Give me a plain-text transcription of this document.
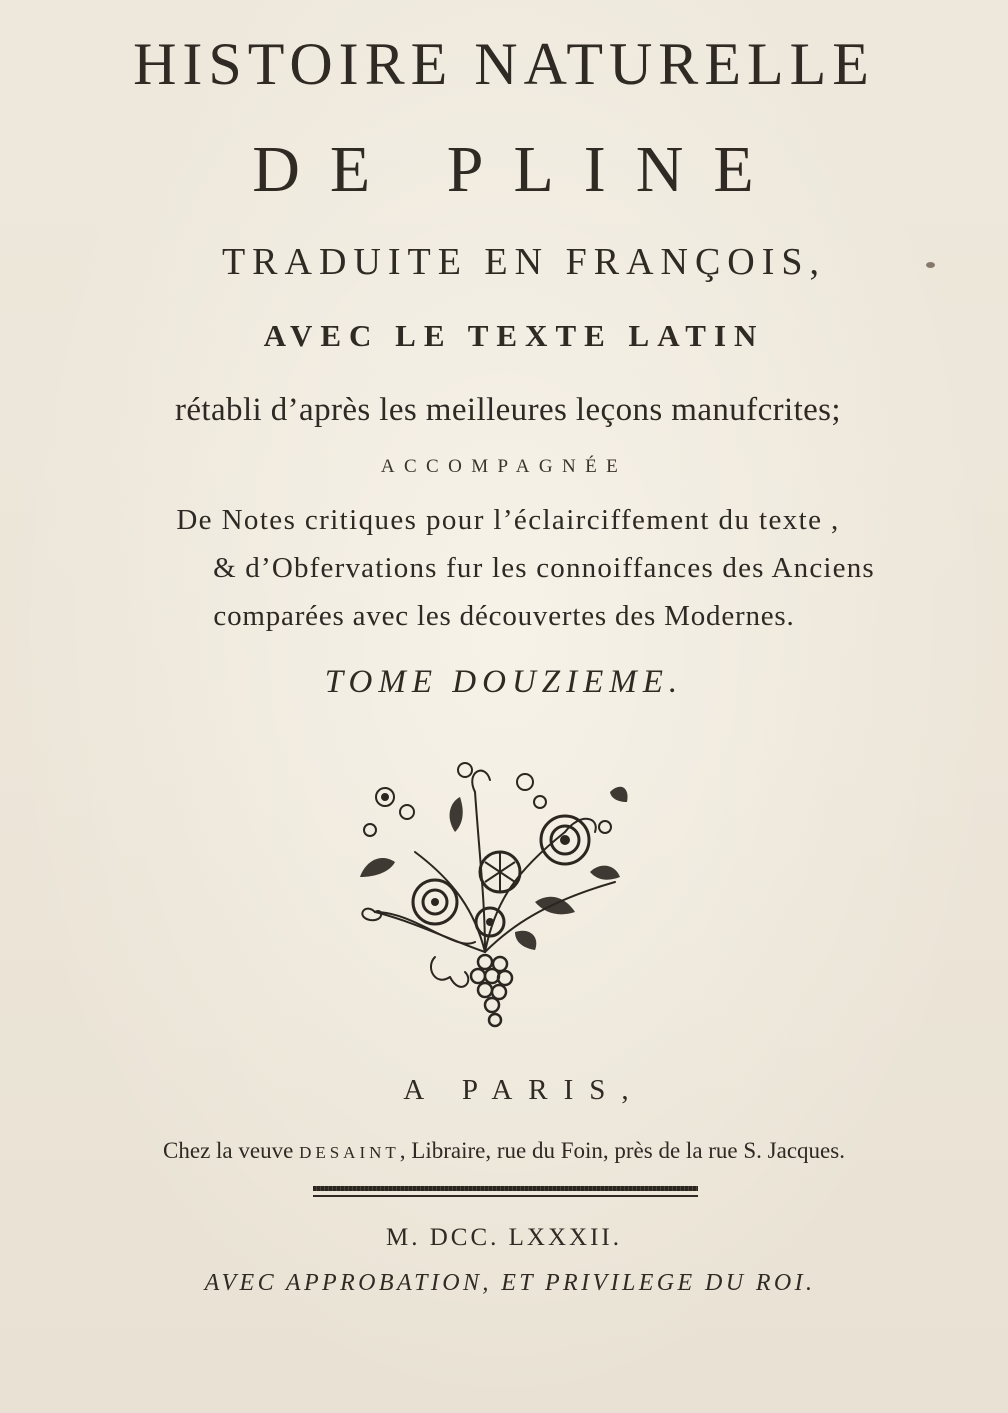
HISTOIRE NATURELLE

DE PLINE

TRADUITE EN FRANÇOIS,

AVEC LE TEXTE LATIN

rétabli d’après les meilleures leçons manufcrites;

ACCOMPAGNÉE

De Notes critiques pour l’éclairciffement du texte ,

& d’Obfervations fur les connoiffances des Anciens

comparées avec les découvertes des Modernes.

TOME DOUZIEME.

A PARIS,

Chez la veuve DESAINT, Libraire, rue du Foin, près de la rue S. Jacques.

M. DCC. LXXXII.

AVEC APPROBATION, ET PRIVILEGE DU ROI.
